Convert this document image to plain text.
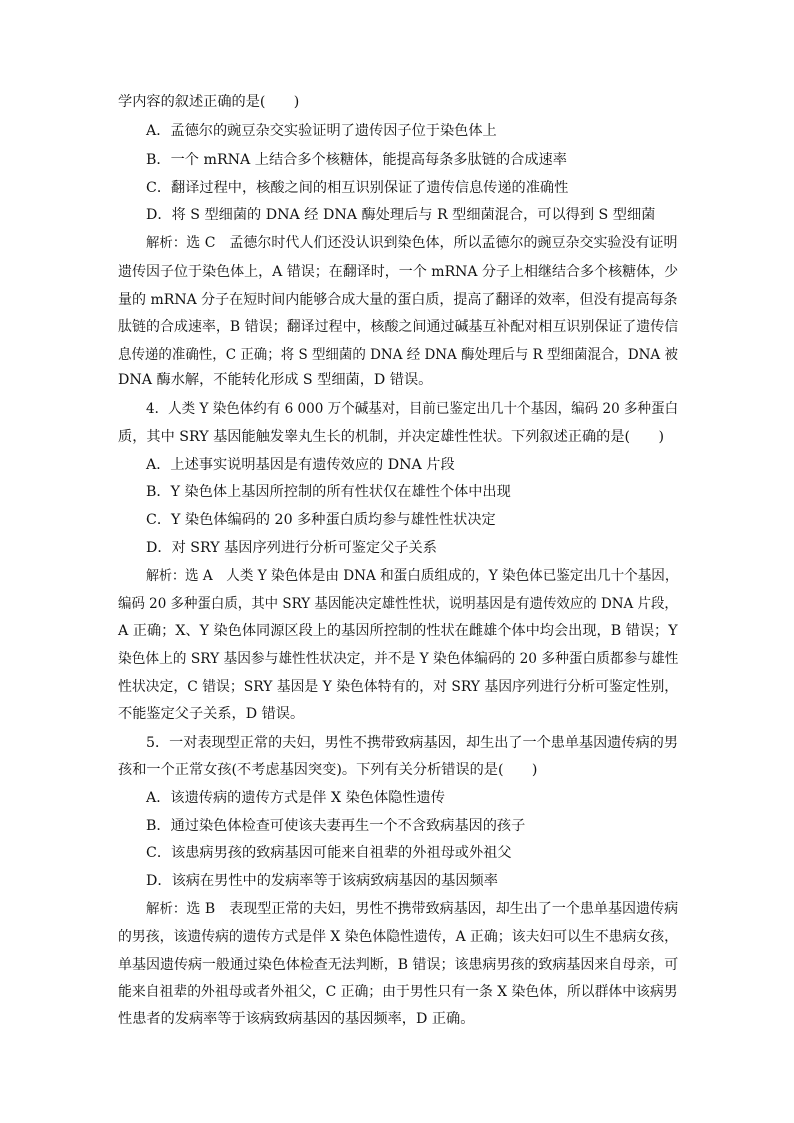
学内容的叙述正确的是(　　)
A．孟德尔的豌豆杂交实验证明了遗传因子位于染色体上
B．一个 mRNA 上结合多个核糖体，能提高每条多肽链的合成速率
C．翻译过程中，核酸之间的相互识别保证了遗传信息传递的准确性
D．将 S 型细菌的 DNA 经 DNA 酶处理后与 R 型细菌混合，可以得到 S 型细菌
解析：选 C　孟德尔时代人们还没认识到染色体，所以孟德尔的豌豆杂交实验没有证明
遗传因子位于染色体上，A 错误；在翻译时，一个 mRNA 分子上相继结合多个核糖体，少
量的 mRNA 分子在短时间内能够合成大量的蛋白质，提高了翻译的效率，但没有提高每条
肽链的合成速率，B 错误；翻译过程中，核酸之间通过碱基互补配对相互识别保证了遗传信
息传递的准确性，C 正确；将 S 型细菌的 DNA 经 DNA 酶处理后与 R 型细菌混合，DNA 被
DNA 酶水解，不能转化形成 S 型细菌，D 错误。
4．人类 Y 染色体约有 6 000 万个碱基对，目前已鉴定出几十个基因，编码 20 多种蛋白
质，其中 SRY 基因能触发睾丸生长的机制，并决定雄性性状。下列叙述正确的是(　　)
A．上述事实说明基因是有遗传效应的 DNA 片段
B．Y 染色体上基因所控制的所有性状仅在雄性个体中出现
C．Y 染色体编码的 20 多种蛋白质均参与雄性性状决定
D．对 SRY 基因序列进行分析可鉴定父子关系
解析：选 A　人类 Y 染色体是由 DNA 和蛋白质组成的，Y 染色体已鉴定出几十个基因，
编码 20 多种蛋白质，其中 SRY 基因能决定雄性性状，说明基因是有遗传效应的 DNA 片段，
A 正确；X、Y 染色体同源区段上的基因所控制的性状在雌雄个体中均会出现，B 错误；Y
染色体上的 SRY 基因参与雄性性状决定，并不是 Y 染色体编码的 20 多种蛋白质都参与雄性
性状决定，C 错误；SRY 基因是 Y 染色体特有的，对 SRY 基因序列进行分析可鉴定性别，
不能鉴定父子关系，D 错误。
5．一对表现型正常的夫妇，男性不携带致病基因，却生出了一个患单基因遗传病的男
孩和一个正常女孩(不考虑基因突变)。下列有关分析错误的是(　　)
A．该遗传病的遗传方式是伴 X 染色体隐性遗传
B．通过染色体检查可使该夫妻再生一个不含致病基因的孩子
C．该患病男孩的致病基因可能来自祖辈的外祖母或外祖父
D．该病在男性中的发病率等于该病致病基因的基因频率
解析：选 B　表现型正常的夫妇，男性不携带致病基因，却生出了一个患单基因遗传病
的男孩，该遗传病的遗传方式是伴 X 染色体隐性遗传，A 正确；该夫妇可以生不患病女孩，
单基因遗传病一般通过染色体检查无法判断，B 错误；该患病男孩的致病基因来自母亲，可
能来自祖辈的外祖母或者外祖父，C 正确；由于男性只有一条 X 染色体，所以群体中该病男
性患者的发病率等于该病致病基因的基因频率，D 正确。
